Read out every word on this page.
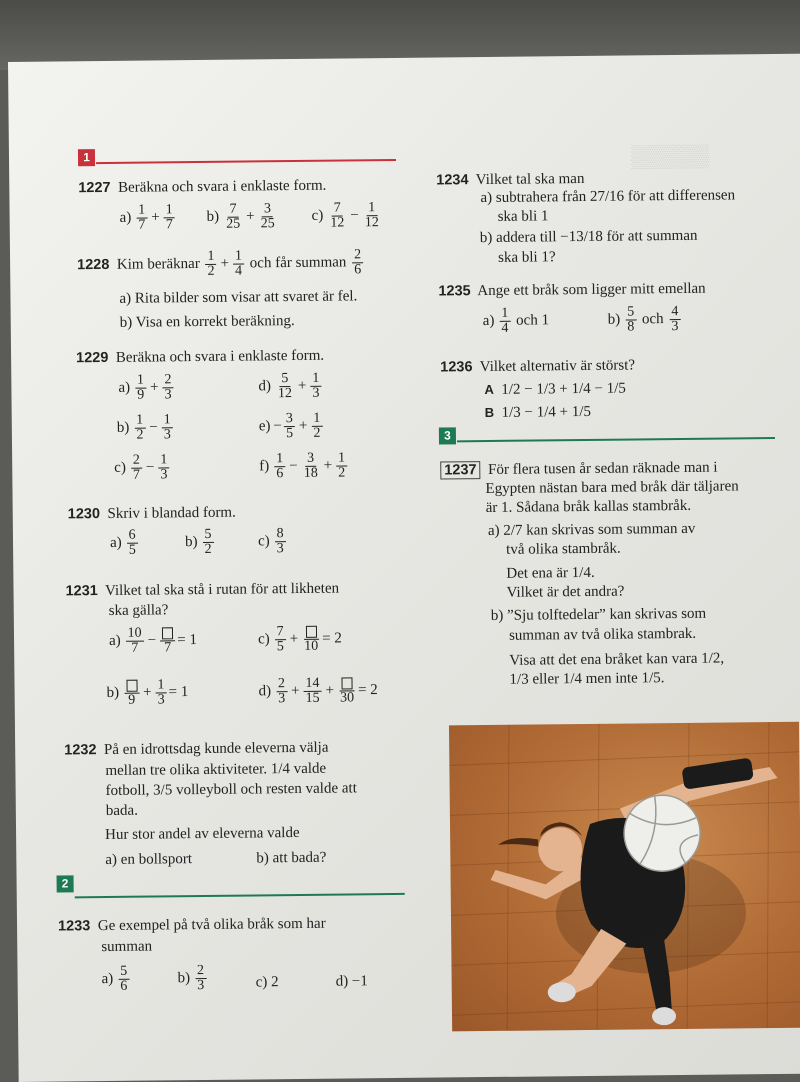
▒▒▒▒▒
1
1227 Beräkna och svara i enklaste form.
$a) \frac{1}{7} + \frac{1}{7} b) \frac{7}{25} + \frac{3}{25} c) \frac{7}{12} - \frac{1}{12}$
1228 Kim beräknar $\frac{1}{2} + \frac{1}{4}$ och får summan $\frac{2}{6}$
a) Rita bilder som visar att svaret är fel.
b) Visa en korrekt beräkning.
1229 Beräkna och svara i enklaste form.
$a) \frac{1}{9} + \frac{2}{3}$	$d) \frac{5}{12} + \frac{1}{3}$
$b) \frac{1}{2} - \frac{1}{3}$	$e) - \frac{3}{5} + \frac{1}{2}$
$c) \frac{2}{7} - \frac{1}{3}$	$f) \frac{1}{6} - \frac{3}{18} + \frac{1}{2}$
1230 Skriv i blandad form.
$a) \frac{6}{5}$	$b) \frac{5}{2}$	$c) \frac{8}{3}$
1231 Vilket tal ska stå i rutan för att likheten
ska gälla?
$a) \frac{10}{7} - 7 = 1$	$c) \frac{7}{5} + 10 = 2$
b) $9 + \frac{1}{3} = 1$	$d) \frac{2}{3} + \frac{14}{15} + 30 = 2$
1232 På en idrottsdag kunde eleverna välja
mellan tre olika aktiviteter. 1/4 valde
fotboll, 3/5 volleyboll och resten valde att
bada.
Hur stor andel av eleverna valde
a) en bollsport	b) att bada?
2
1233 Ge exempel på två olika bråk som har
summan
$a) \frac{5}{6}$	$b) \frac{2}{3}$	c) 2	d) −1
1234 Vilket tal ska man
a) subtrahera från 27/16 för att differensen
ska bli 1
b) addera till −13/18 för att summan
ska bli 1?
1235 Ange ett bråk som ligger mitt emellan
$a) \frac{1}{4}$ och 1	$b) \frac{5}{8}$ och $\frac{4}{3}$
1236 Vilket alternativ är störst?
A 1/2 − 1/3 + 1/4 − 1/5
B 1/3 − 1/4 + 1/5
3
1237 För flera tusen år sedan räknade man i
Egypten nästan bara med bråk där täljaren
är 1. Sådana bråk kallas stambråk.
a) 2/7 kan skrivas som summan av
två olika stambråk.
Det ena är 1/4.
Vilket är det andra?
b) ”Sju tolftedelar” kan skrivas som
summan av två olika stambrak.
Visa att det ena bråket kan vara 1/2,
1/3 eller 1/4 men inte 1/5.
